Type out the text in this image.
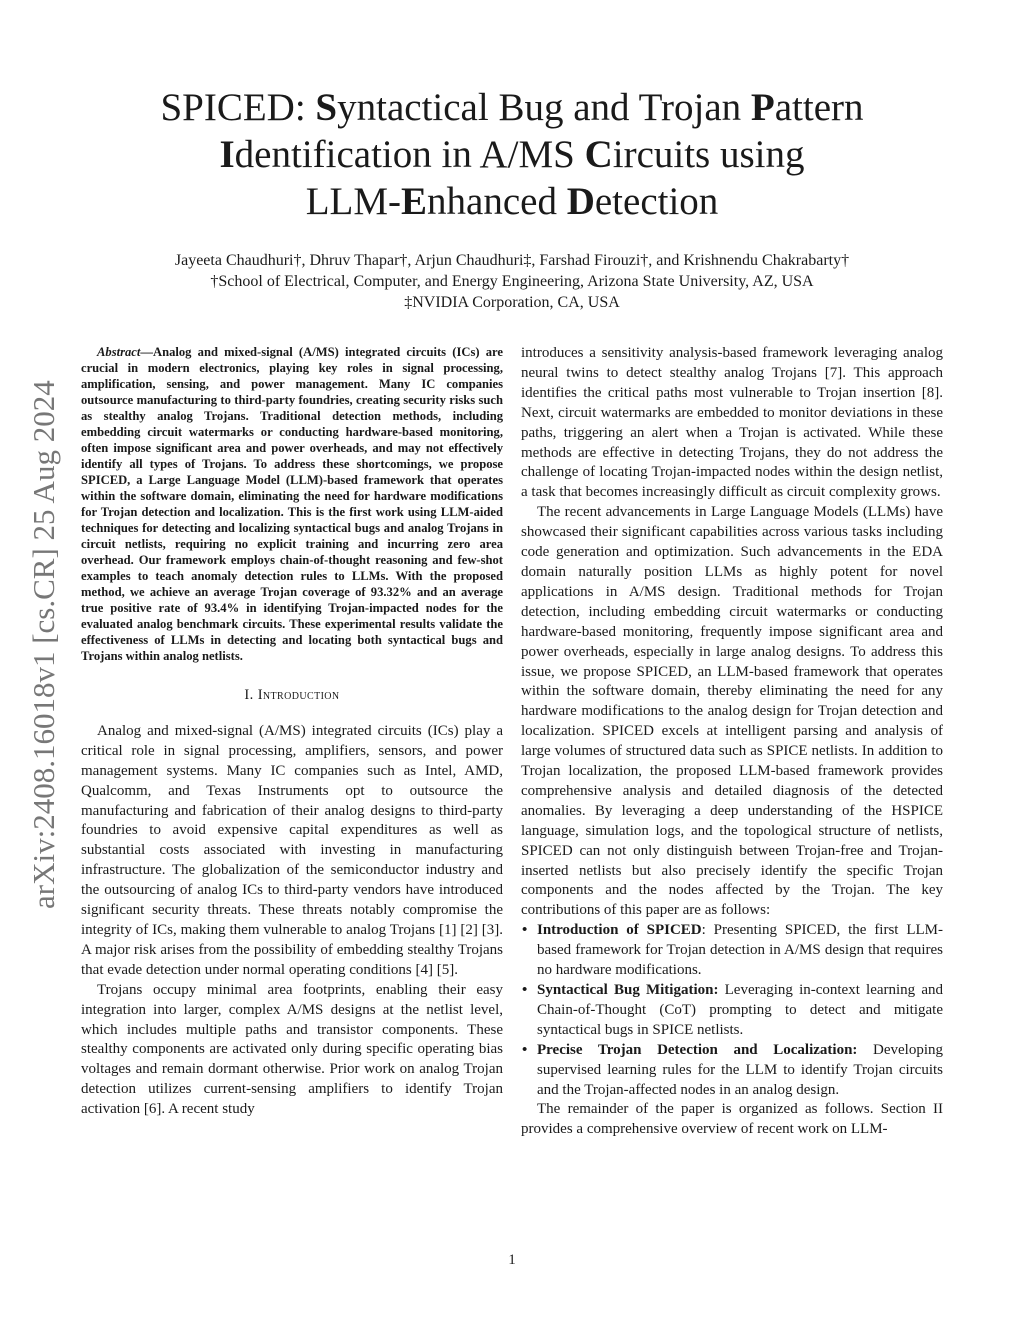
arXiv:2408.16018v1 [cs.CR] 25 Aug 2024
SPICED: Syntactical Bug and Trojan Pattern
Identification in A/MS Circuits using
LLM-Enhanced Detection
Jayeeta Chaudhuri†, Dhruv Thapar†, Arjun Chaudhuri‡, Farshad Firouzi†, and Krishnendu Chakrabarty†
†School of Electrical, Computer, and Energy Engineering, Arizona State University, AZ, USA
‡NVIDIA Corporation, CA, USA

Abstract—Analog and mixed-signal (A/MS) integrated circuits (ICs) are crucial in modern electronics, playing key roles in signal processing, amplification, sensing, and power management. Many IC companies outsource manufacturing to third-party foundries, creating security risks such as stealthy analog Trojans. Traditional detection methods, including embedding circuit watermarks or conducting hardware-based monitoring, often impose significant area and power overheads, and may not effectively identify all types of Trojans. To address these shortcomings, we propose SPICED, a Large Language Model (LLM)-based framework that operates within the software domain, eliminating the need for hardware modifications for Trojan detection and localization. This is the first work using LLM-aided techniques for detecting and localizing syntactical bugs and analog Trojans in circuit netlists, requiring no explicit training and incurring zero area overhead. Our framework employs chain-of-thought reasoning and few-shot examples to teach anomaly detection rules to LLMs. With the proposed method, we achieve an average Trojan coverage of 93.32% and an average true positive rate of 93.4% in identifying Trojan-impacted nodes for the evaluated analog benchmark circuits. These experimental results validate the effectiveness of LLMs in detecting and locating both syntactical bugs and Trojans within analog netlists.

I. Introduction

Analog and mixed-signal (A/MS) integrated circuits (ICs) play a critical role in signal processing, amplifiers, sensors, and power management systems. Many IC companies such as Intel, AMD, Qualcomm, and Texas Instruments opt to outsource the manufacturing and fabrication of their analog designs to third-party foundries to avoid expensive capital expenditures as well as substantial costs associated with investing in manufacturing infrastructure. The globalization of the semiconductor industry and the outsourcing of analog ICs to third-party vendors have introduced significant security threats. These threats notably compromise the integrity of ICs, making them vulnerable to analog Trojans [1] [2] [3]. A major risk arises from the possibility of embedding stealthy Trojans that evade detection under normal operating conditions [4] [5].

Trojans occupy minimal area footprints, enabling their easy integration into larger, complex A/MS designs at the netlist level, which includes multiple paths and transistor components. These stealthy components are activated only during specific operating bias voltages and remain dormant otherwise. Prior work on analog Trojan detection utilizes current-sensing amplifiers to identify Trojan activation [6]. A recent study

introduces a sensitivity analysis-based framework leveraging analog neural twins to detect stealthy analog Trojans [7]. This approach identifies the critical paths most vulnerable to Trojan insertion [8]. Next, circuit watermarks are embedded to monitor deviations in these paths, triggering an alert when a Trojan is activated. While these methods are effective in detecting Trojans, they do not address the challenge of locating Trojan-impacted nodes within the design netlist, a task that becomes increasingly difficult as circuit complexity grows.

The recent advancements in Large Language Models (LLMs) have showcased their significant capabilities across various tasks including code generation and optimization. Such advancements in the EDA domain naturally position LLMs as highly potent for novel applications in A/MS design. Traditional methods for Trojan detection, including embedding circuit watermarks or conducting hardware-based monitoring, frequently impose significant area and power overheads, especially in large analog designs. To address this issue, we propose SPICED, an LLM-based framework that operates within the software domain, thereby eliminating the need for any hardware modifications to the analog design for Trojan detection and localization. SPICED excels at intelligent parsing and analysis of large volumes of structured data such as SPICE netlists. In addition to Trojan localization, the proposed LLM-based framework provides comprehensive analysis and detailed diagnosis of the detected anomalies. By leveraging a deep understanding of the HSPICE language, simulation logs, and the topological structure of netlists, SPICED can not only distinguish between Trojan-free and Trojan-inserted netlists but also precisely identify the specific Trojan components and the nodes affected by the Trojan. The key contributions of this paper are as follows:

• Introduction of SPICED: Presenting SPICED, the first LLM-based framework for Trojan detection in A/MS design that requires no hardware modifications.
• Syntactical Bug Mitigation: Leveraging in-context learning and Chain-of-Thought (CoT) prompting to detect and mitigate syntactical bugs in SPICE netlists.
• Precise Trojan Detection and Localization: Developing supervised learning rules for the LLM to identify Trojan circuits and the Trojan-affected nodes in an analog design.

The remainder of the paper is organized as follows. Section II provides a comprehensive overview of recent work on LLM-

1
